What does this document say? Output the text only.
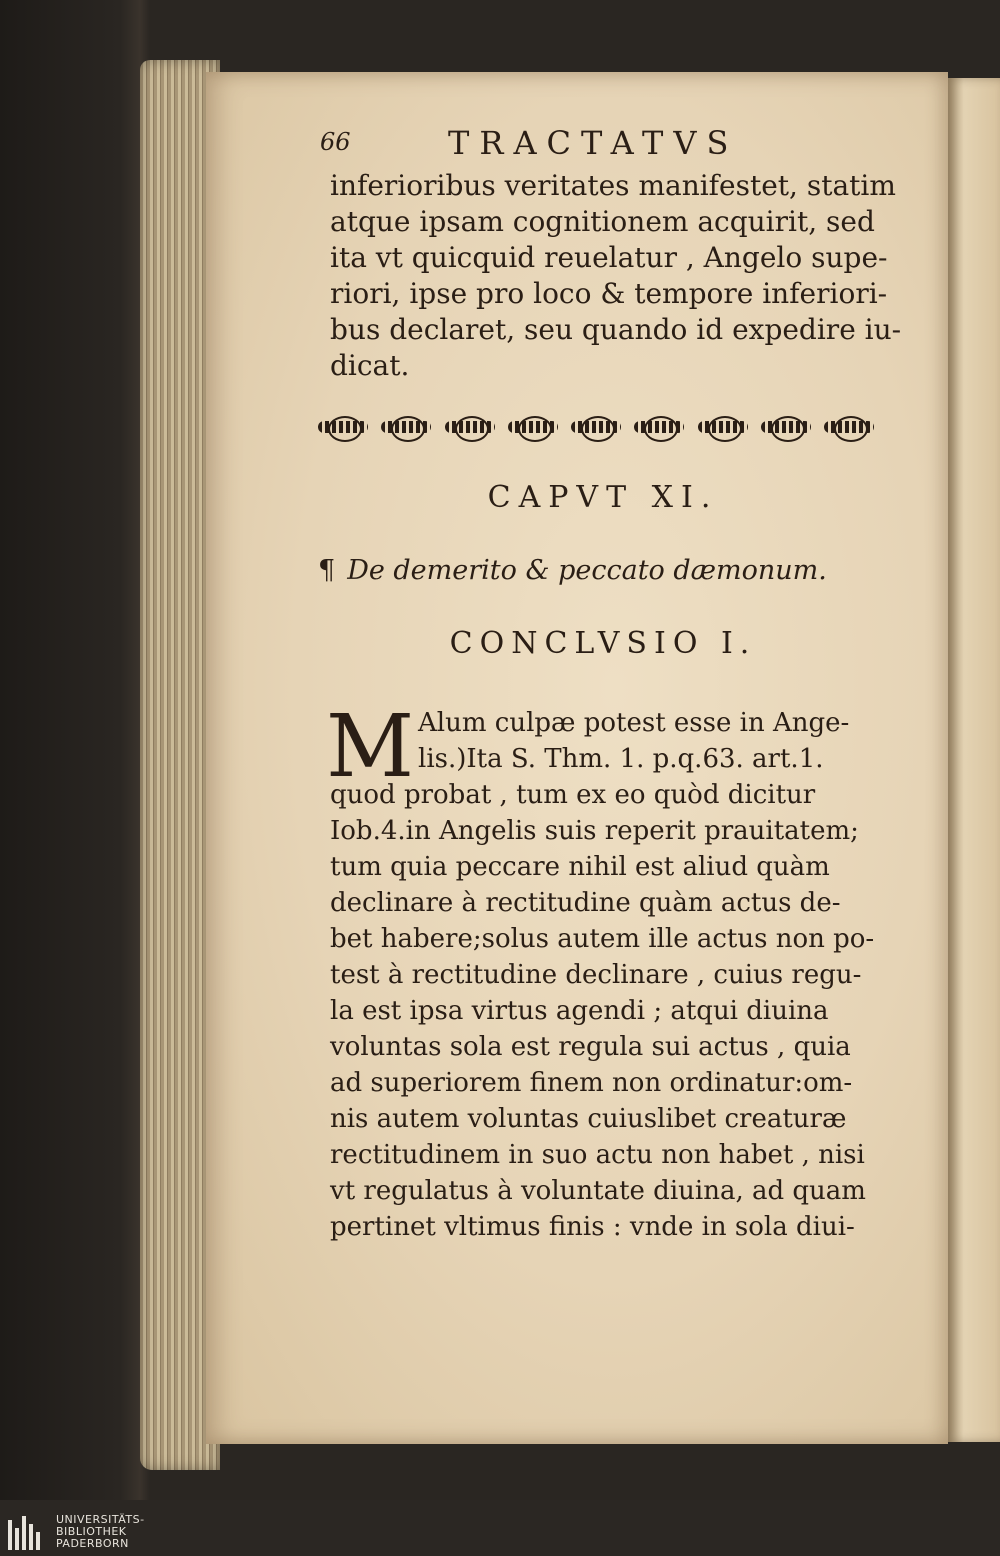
66	TRACTATVS
inferioribus veritates manifestet, statim
atque ipsam cognitionem acquirit, sed
ita vt quicquid reuelatur , Angelo supe-
riori, ipse pro loco & tempore inferiori-
bus declaret, seu quando id expedire iu-
dicat.
CAPVT XI.
¶ De demerito & peccato dæmonum.
CONCLVSIO I.
M Alum culpæ potest esse in Ange-
lis.)Ita S. Thm. 1. p.q.63. art.1.
quod probat , tum ex eo quòd dicitur
Iob.4.in Angelis suis reperit prauitatem;
tum quia peccare nihil est aliud quàm
declinare à rectitudine quàm actus de-
bet habere;solus autem ille actus non po-
test à rectitudine declinare , cuius regu-
la est ipsa virtus agendi ; atqui diuina
voluntas sola est regula sui actus , quia
ad superiorem finem non ordinatur:om-
nis autem voluntas cuiuslibet creaturæ
rectitudinem in suo actu non habet , nisi
vt regulatus à voluntate diuina, ad quam
pertinet vltimus finis : vnde in sola diui-
UNIVERSITÄTS-
BIBLIOTHEK
PADERBORN
